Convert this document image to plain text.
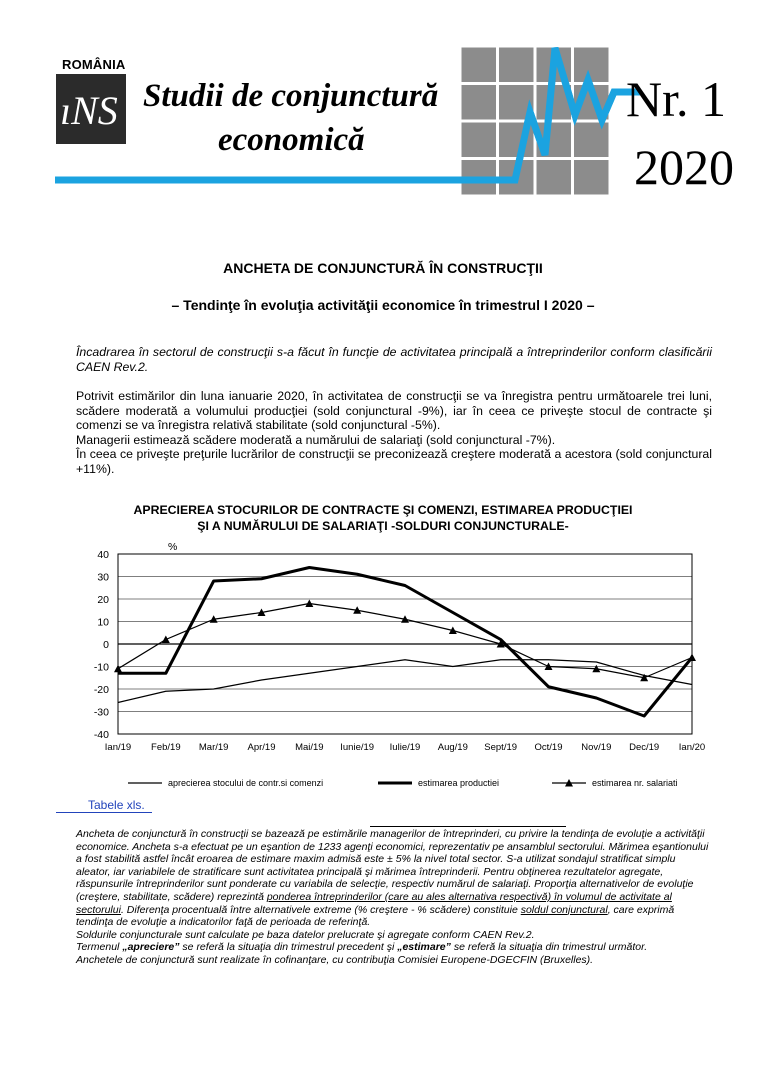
ROMÂNIA
ıNS Studii de conjunctură
economică
Nr. 1
2020
ANCHETA DE CONJUNCTURĂ ÎN CONSTRUCŢII
– Tendinţe în evoluţia activităţii economice în trimestrul I 2020 –
Încadrarea în sectorul de construcţii s-a făcut în funcţie de activitatea principală a întreprinderilor conform clasificării CAEN Rev.2.
Potrivit estimărilor din luna ianuarie 2020, în activitatea de construcţii se va înregistra pentru următoarele trei luni, scădere moderată a volumului producţiei (sold conjunctural -9%), iar în ceea ce priveşte stocul de contracte şi comenzi se va înregistra relativă stabilitate (sold conjunctural -5%).
Managerii estimează scădere moderată a numărului de salariaţi (sold conjunctural -7%).
În ceea ce priveşte preţurile lucrărilor de construcţii se preconizează creştere moderată a acestora (sold conjunctural +11%).
APRECIEREA STOCURILOR DE CONTRACTE ŞI COMENZI, ESTIMAREA PRODUCŢIEI
ŞI A NUMĂRULUI DE SALARIAŢI -SOLDURI CONJUNCTURALE-
40
30
20
10
0
-10
-20
-30
-40
%
Ian/19 Feb/19 Mar/19 Apr/19 Mai/19 Iunie/19 Iulie/19 Aug/19 Sept/19 Oct/19 Nov/19 Dec/19 Ian/20
aprecierea stocului de contr.si comenzi	estimarea productiei	estimarea nr. salariati
Tabele xls.

Ancheta de conjunctură în construcţii se bazează pe estimările managerilor de întreprinderi, cu privire la tendinţa de evoluţie a activităţii economice. Ancheta s-a efectuat pe un eşantion de 1233 agenţi economici, reprezentativ pe ansamblul sectorului. Mărimea eşantionului a fost stabilită astfel încât eroarea de estimare maxim admisă este ± 5% la nivel total sector. S-a utilizat sondajul stratificat simplu aleator, iar variabilele de stratificare sunt activitatea principală şi mărimea întreprinderii. Pentru obţinerea rezultatelor agregate, răspunsurile întreprinderilor sunt ponderate cu variabila de selecţie, respectiv numărul de salariaţi. Proporţia alternativelor de evoluţie (creştere, stabilitate, scădere) reprezintă ponderea întreprinderilor (care au ales alternativa respectivă) în volumul de activitate al sectorului. Diferenţa procentuală între alternativele extreme (% creştere - % scădere) constituie soldul conjunctural, care exprimă tendinţa de evoluţie a indicatorilor faţă de perioada de referinţă.

Soldurile conjuncturale sunt calculate pe baza datelor prelucrate şi agregate conform CAEN Rev.2.

Termenul „apreciere” se referă la situaţia din trimestrul precedent şi „estimare” se referă la situaţia din trimestrul următor.

Anchetele de conjunctură sunt realizate în cofinanţare, cu contribuţia Comisiei Europene-DGECFIN (Bruxelles).
